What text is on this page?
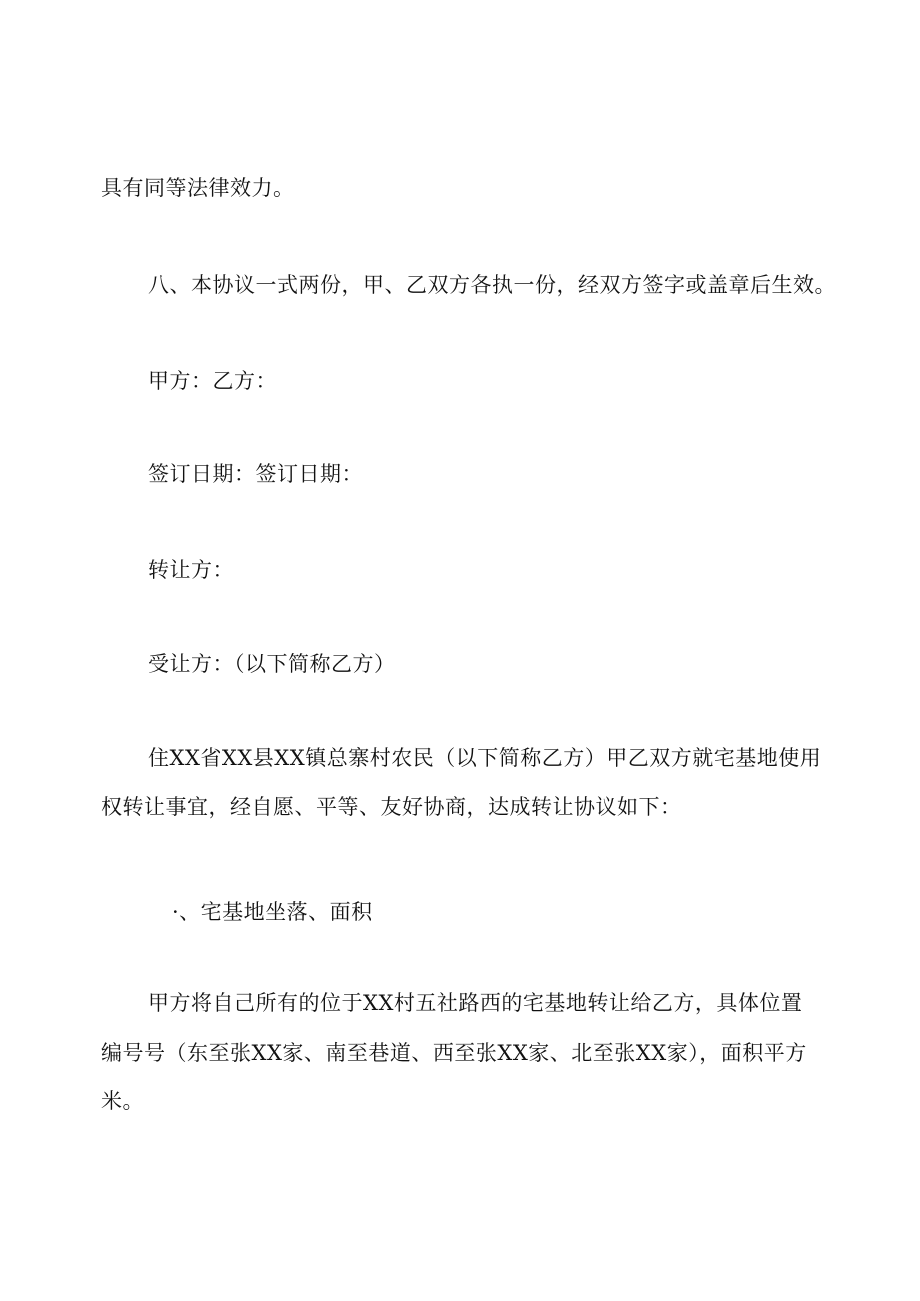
具有同等法律效力。

八、本协议一式两份，甲、乙双方各执一份，经双方签字或盖章后生效。

甲方：乙方：

签订日期：签订日期：

转让方：

受让方：（以下简称乙方）

住XX省XX县XX镇总寨村农民（以下简称乙方）甲乙双方就宅基地使用

权转让事宜，经自愿、平等、友好协商，达成转让协议如下：

·、宅基地坐落、面积

甲方将自己所有的位于XX村五社路西的宅基地转让给乙方，具体位置

编号号（东至张XX家、南至巷道、西至张XX家、北至张XX家），面积平方

米。
